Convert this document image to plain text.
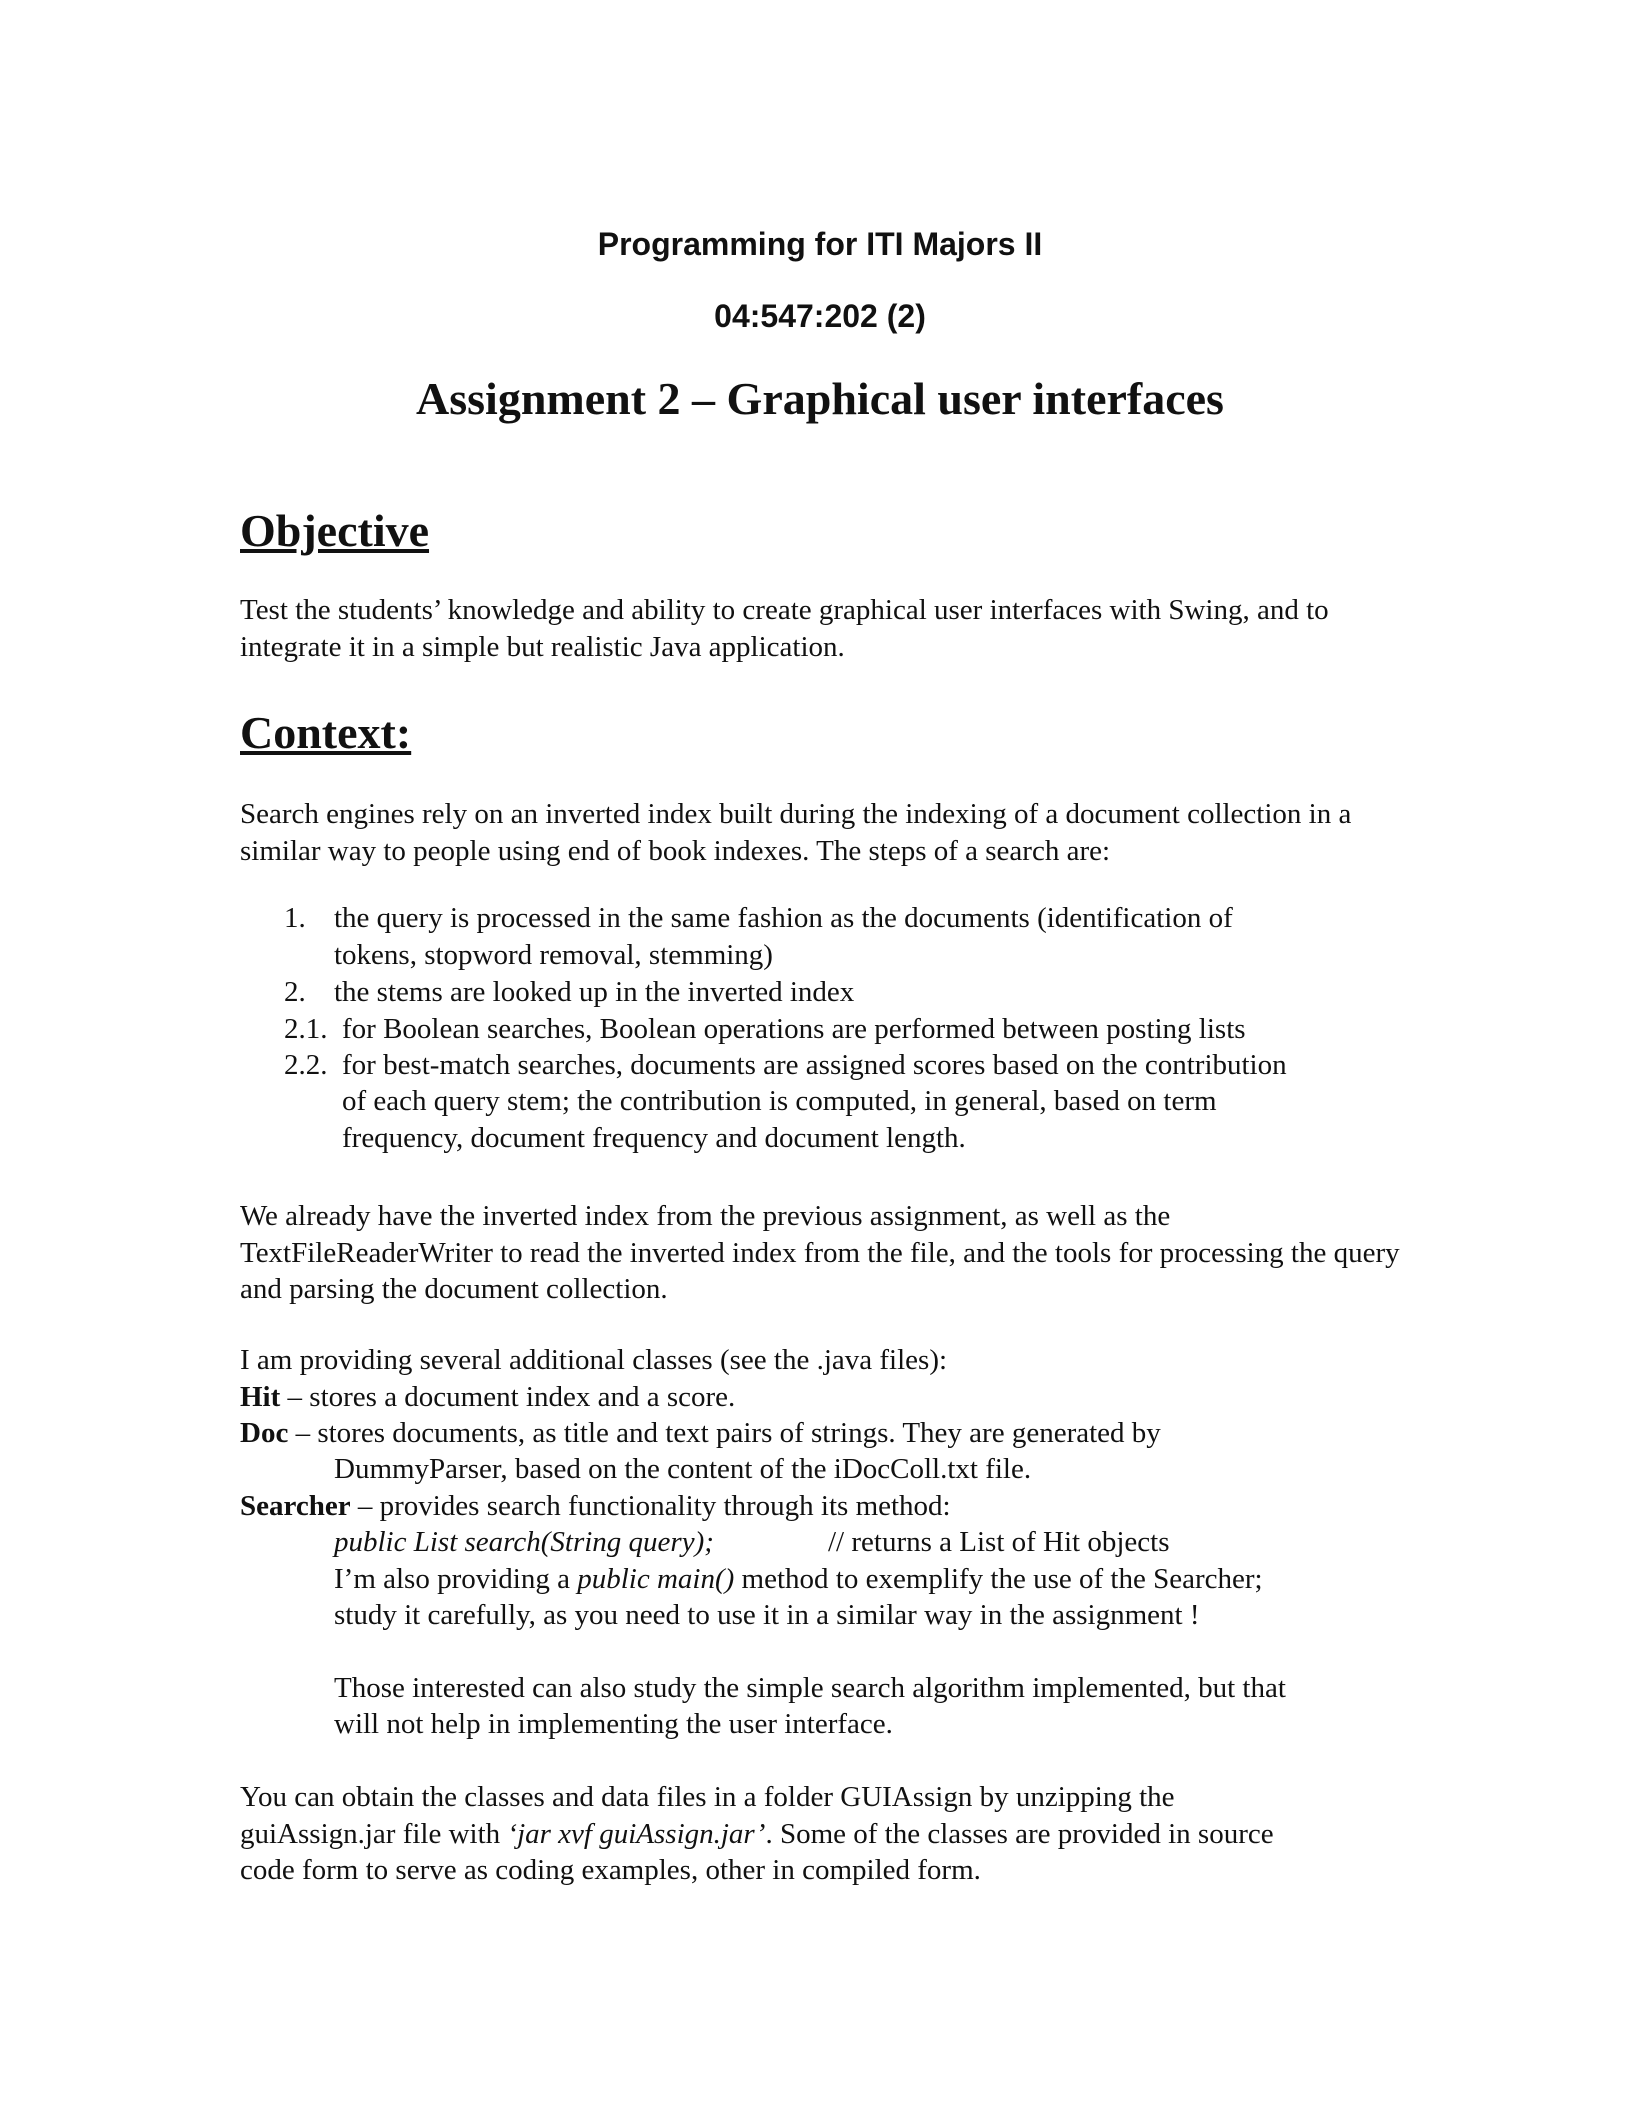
Programming for ITI Majors II
04:547:202 (2)
Assignment 2 – Graphical user interfaces
Objective

Test the students’ knowledge and ability to create graphical user interfaces with Swing, and to integrate it in a simple but realistic Java application.

Context:

Search engines rely on an inverted index built during the indexing of a document collection in a similar way to people using end of book indexes. The steps of a search are:

1. the query is processed in the same fashion as the documents (identification of
tokens, stopword removal, stemming)
2. the stems are looked up in the inverted index
2.1. for Boolean searches, Boolean operations are performed between posting lists
2.2. for best-match searches, documents are assigned scores based on the contribution
of each query stem; the contribution is computed, in general, based on term
frequency, document frequency and document length.

We already have the inverted index from the previous assignment, as well as the TextFileReaderWriter to read the inverted index from the file, and the tools for processing the query and parsing the document collection.

I am providing several additional classes (see the .java files):
Hit – stores a document index and a score.
Doc – stores documents, as title and text pairs of strings. They are generated by
DummyParser, based on the content of the iDocColl.txt file.
Searcher – provides search functionality through its method:
public List search(String query);	// returns a List of Hit objects
I’m also providing a public main() method to exemplify the use of the Searcher;
study it carefully, as you need to use it in a similar way in the assignment !
Those interested can also study the simple search algorithm implemented, but that
will not help in implementing the user interface.
You can obtain the classes and data files in a folder GUIAssign by unzipping the
guiAssign.jar file with ‘jar xvf guiAssign.jar’. Some of the classes are provided in source
code form to serve as coding examples, other in compiled form.
